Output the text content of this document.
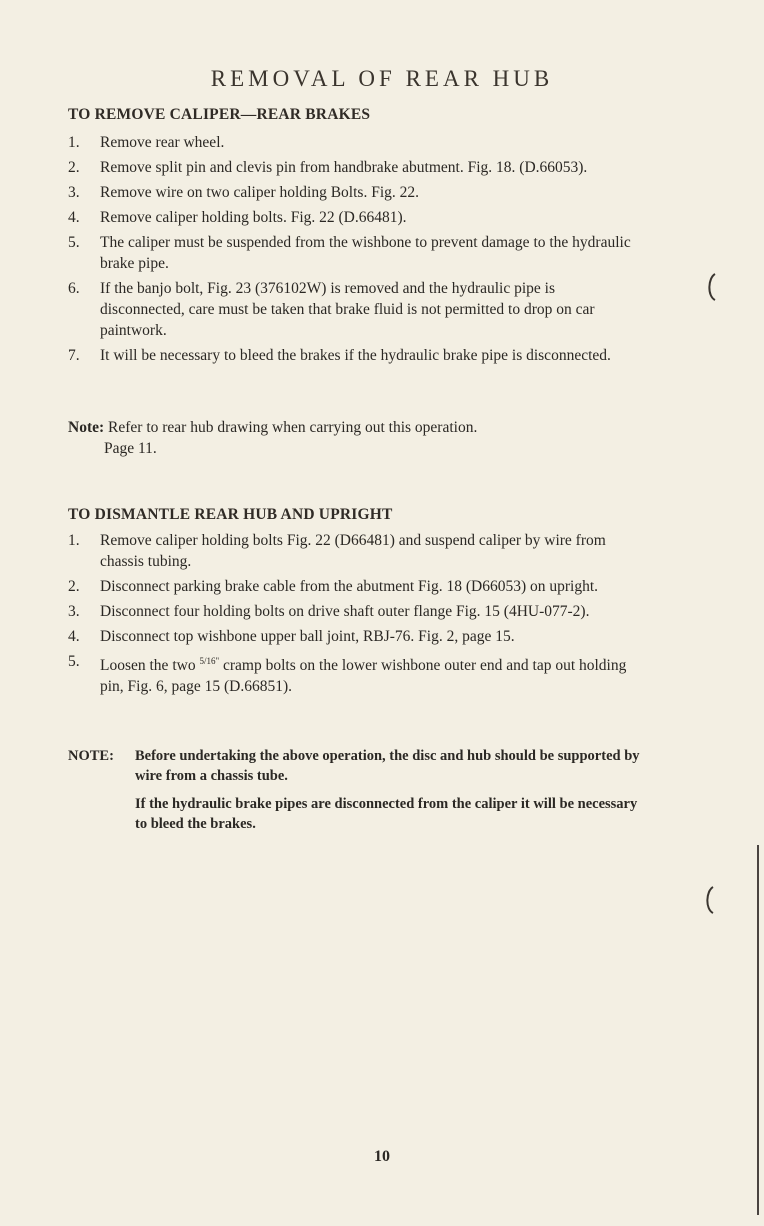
REMOVAL OF REAR HUB
TO REMOVE CALIPER—REAR BRAKES
1. Remove rear wheel.
2. Remove split pin and clevis pin from handbrake abutment. Fig. 18. (D.66053).
3. Remove wire on two caliper holding Bolts. Fig. 22.
4. Remove caliper holding bolts. Fig. 22 (D.66481).
5. The caliper must be suspended from the wishbone to prevent damage to the hydraulic brake pipe.
6. If the banjo bolt, Fig. 23 (376102W) is removed and the hydraulic pipe is disconnected, care must be taken that brake fluid is not permitted to drop on car paintwork.
7. It will be necessary to bleed the brakes if the hydraulic brake pipe is disconnected.
Note: Refer to rear hub drawing when carrying out this operation.
Page 11.
TO DISMANTLE REAR HUB AND UPRIGHT
1. Remove caliper holding bolts Fig. 22 (D66481) and suspend caliper by wire from chassis tubing.
2. Disconnect parking brake cable from the abutment Fig. 18 (D66053) on upright.
3. Disconnect four holding bolts on drive shaft outer flange Fig. 15 (4HU-077-2).
4. Disconnect top wishbone upper ball joint, RBJ-76. Fig. 2, page 15.
5. Loosen the two $^{5/16"}$ cramp bolts on the lower wishbone outer end and tap out holding pin, Fig. 6, page 15 (D.66851).
NOTE:	Before undertaking the above operation, the disc and hub should be supported by wire from a chassis tube.
If the hydraulic brake pipes are disconnected from the caliper it will be necessary to bleed the brakes.
10
